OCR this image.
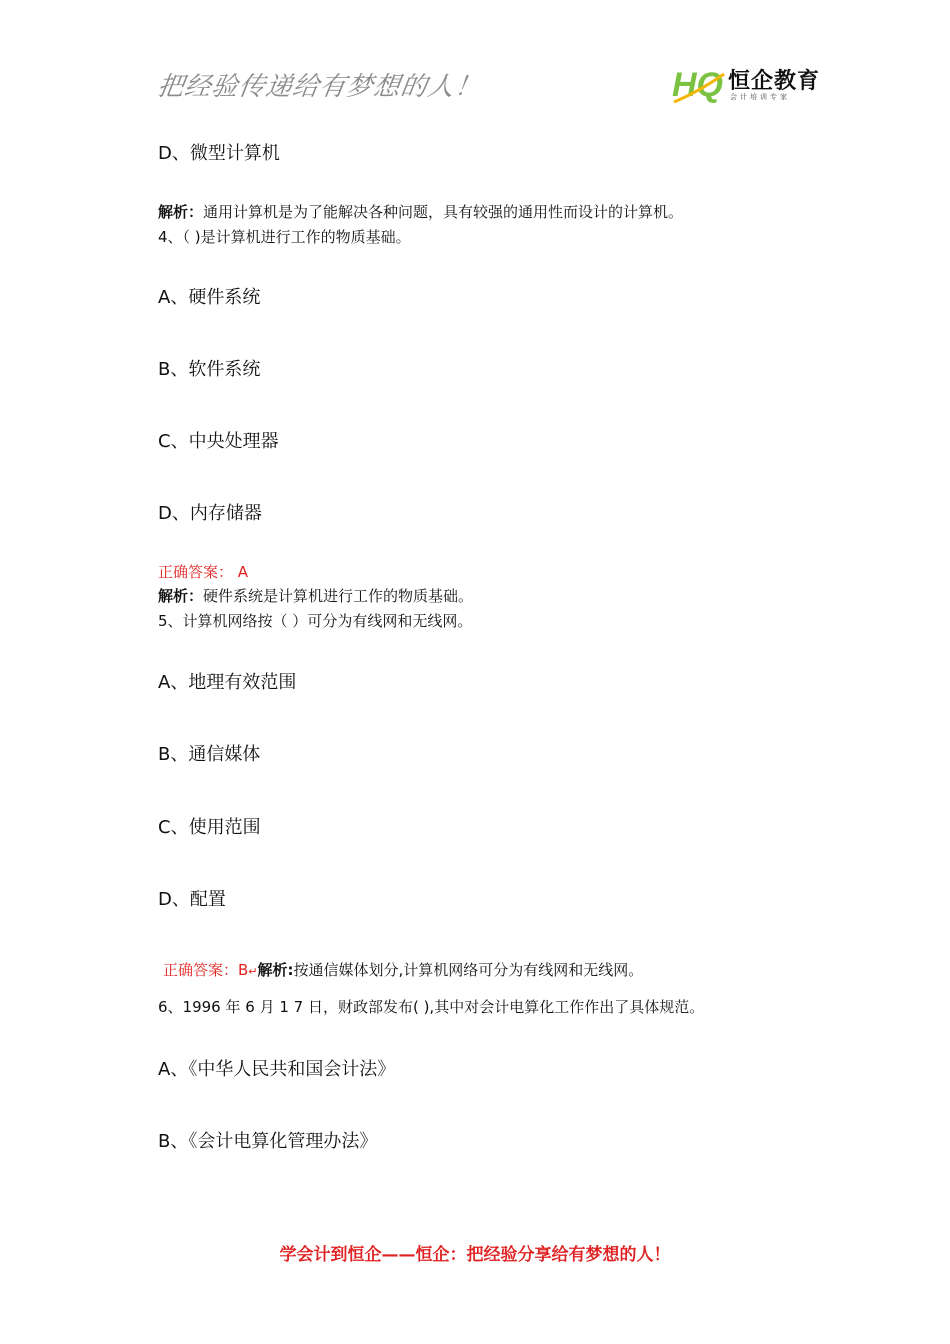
把经验传递给有梦想的人！	HQ 恒企教育
会计培训专家
D、微型计算机
解析：通用计算机是为了能解决各种问题，具有较强的通用性而设计的计算机。
4、（ )是计算机进行工作的物质基础。
A、硬件系统
B、软件系统
C、中央处理器
D、内存储器
正确答案： A
解析：硬件系统是计算机进行工作的物质基础。
5、计算机网络按（ ）可分为有线网和无线网。
A、地理有效范围
B、通信媒体
C、使用范围
D、配置
正确答案：B↵解析:按通信媒体划分,计算机网络可分为有线网和无线网。
6、1996 年 6 月 1 7 日，财政部发布( ),其中对会计电算化工作作出了具体规范。
A、《中华人民共和国会计法》
B、《会计电算化管理办法》
学会计到恒企——恒企：把经验分享给有梦想的人！
